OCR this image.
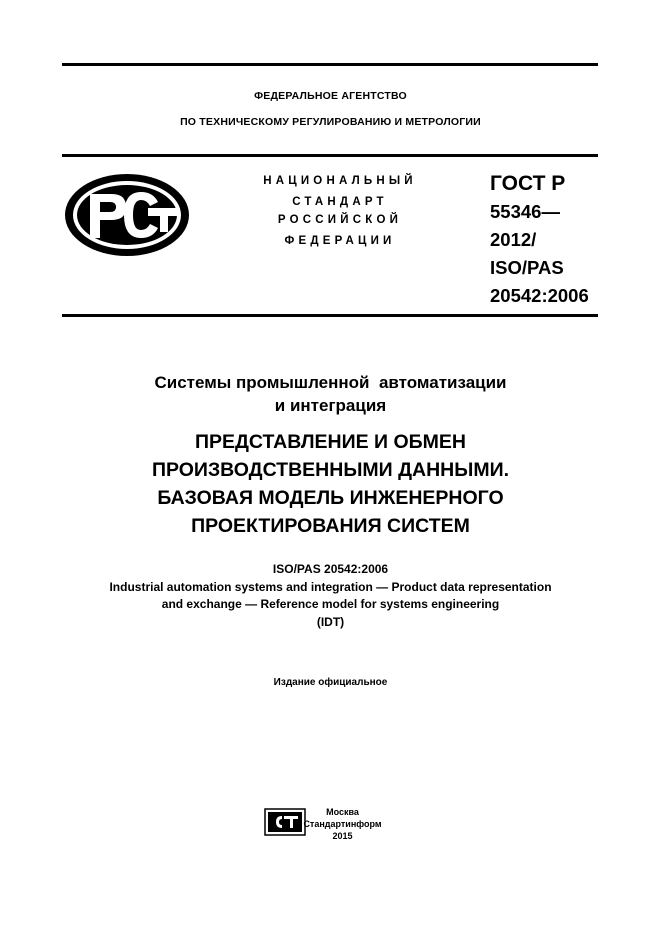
ФЕДЕРАЛЬНОЕ АГЕНТСТВО
ПО ТЕХНИЧЕСКОМУ РЕГУЛИРОВАНИЮ И МЕТРОЛОГИИ
НАЦИОНАЛЬНЫЙ
СТАНДАРТ
РОССИЙСКОЙ
ФЕДЕРАЦИИ
ГОСТ Р
55346—
2012/
ISO/PAS
20542:2006
Системы промышленной  автоматизации
и интеграция
ПРЕДСТАВЛЕНИЕ И ОБМЕН
ПРОИЗВОДСТВЕННЫМИ ДАННЫМИ.
БАЗОВАЯ МОДЕЛЬ ИНЖЕНЕРНОГО
ПРОЕКТИРОВАНИЯ СИСТЕМ
ISO/PAS 20542:2006
Industrial automation systems and integration — Product data representation
and exchange — Reference model for systems engineering
(IDT)
Издание официальное
Москва
Стандартинформ
2015
